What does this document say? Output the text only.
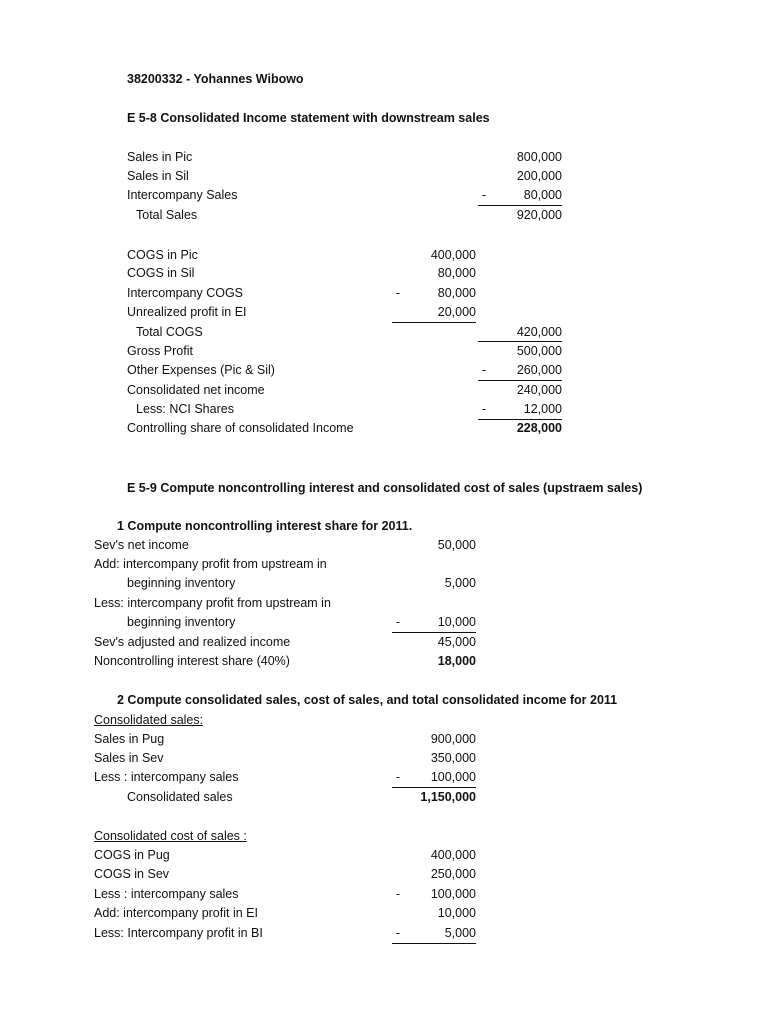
38200332 - Yohannes Wibowo
E 5-8 Consolidated Income statement with downstream sales
Sales in Pic	800,000
Sales in Sil	200,000
Intercompany Sales	-	80,000
Total Sales	920,000
COGS in Pic	400,000
COGS in Sil	80,000
Intercompany COGS	-	80,000
Unrealized profit in EI	20,000
Total COGS	420,000
Gross Profit	500,000
Other Expenses (Pic & Sil)	-	260,000
Consolidated net income	240,000
Less: NCI Shares	-	12,000
Controlling share of consolidated Income	228,000
E 5-9 Compute noncontrolling interest and consolidated cost of sales (upstraem sales)
1 Compute noncontrolling interest share for 2011.
Sev's net income	50,000
Add: intercompany profit from upstream in
beginning inventory	5,000
Less: intercompany profit from upstream in
beginning inventory	-	10,000
Sev's adjusted and realized income	45,000
Noncontrolling interest share (40%)	18,000
2 Compute consolidated sales, cost of sales, and total consolidated income for 2011
Consolidated sales:
Sales in Pug	900,000
Sales in Sev	350,000
Less : intercompany sales	-	100,000
Consolidated sales	1,150,000
Consolidated cost of sales :
COGS in Pug	400,000
COGS in Sev	250,000
Less : intercompany sales	-	100,000
Add: intercompany profit in EI	10,000
Less: Intercompany profit in BI	-	5,000
